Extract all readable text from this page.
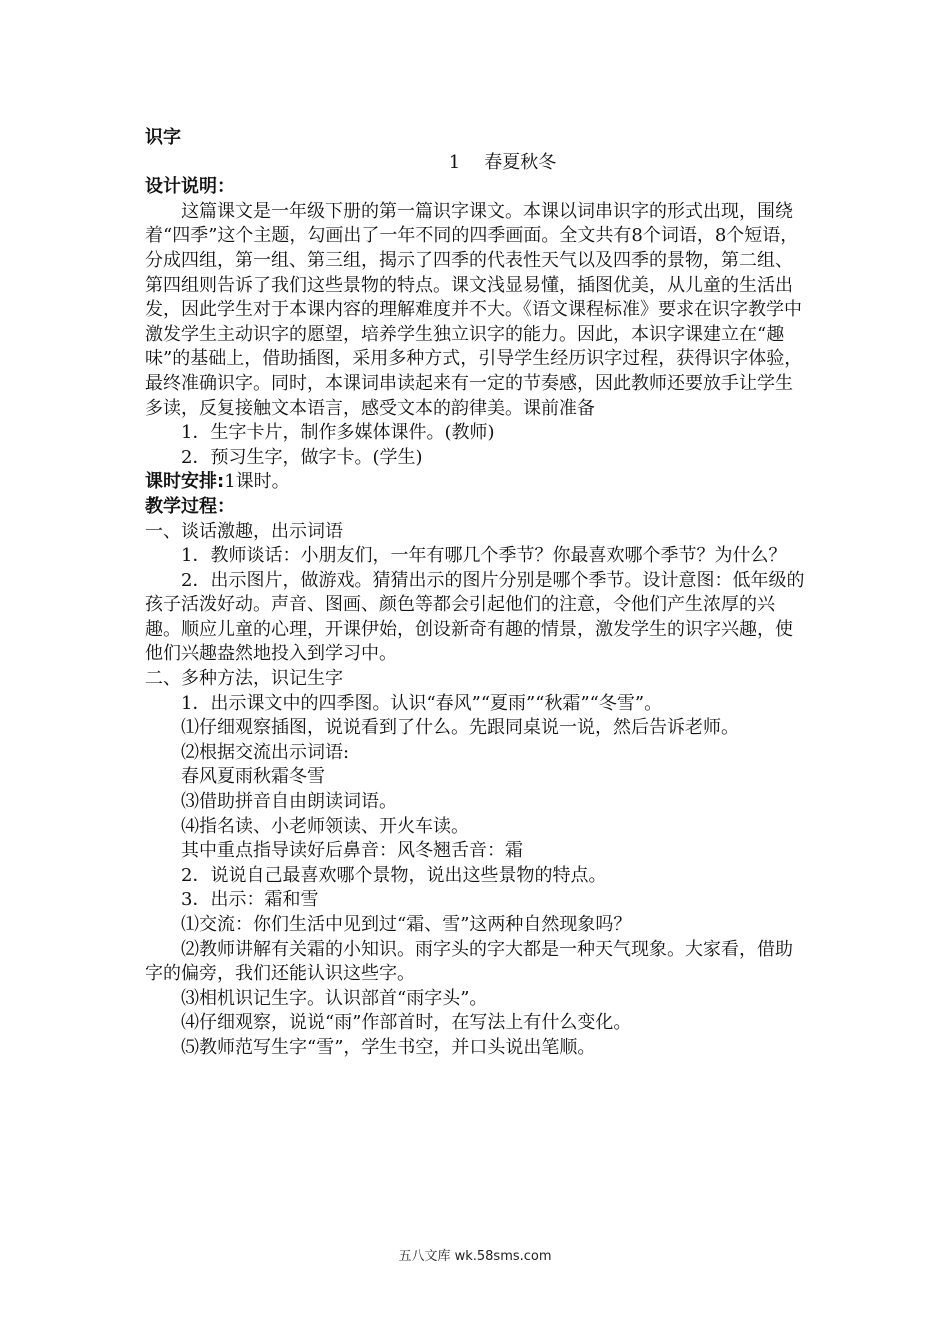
识字

1 春夏秋冬

设计说明：

这篇课文是一年级下册的第一篇识字课文。本课以词串识字的形式出现，围绕着“四季”这个主题，勾画出了一年不同的四季画面。全文共有8个词语，8个短语，分成四组，第一组、第三组，揭示了四季的代表性天气以及四季的景物，第二组、第四组则告诉了我们这些景物的特点。课文浅显易懂，插图优美，从儿童的生活出发，因此学生对于本课内容的理解难度并不大。《语文课程标准》要求在识字教学中激发学生主动识字的愿望，培养学生独立识字的能力。因此，本识字课建立在“趣味”的基础上，借助插图，采用多种方式，引导学生经历识字过程，获得识字体验，最终准确识字。同时，本课词串读起来有一定的节奏感，因此教师还要放手让学生多读，反复接触文本语言，感受文本的韵律美。课前准备

1．生字卡片，制作多媒体课件。(教师)

2．预习生字，做字卡。(学生)

课时安排:1课时。

教学过程：

一、谈话激趣，出示词语

1．教师谈话：小朋友们，一年有哪几个季节？你最喜欢哪个季节？为什么？

2．出示图片，做游戏。猜猜出示的图片分别是哪个季节。设计意图：低年级的孩子活泼好动。声音、图画、颜色等都会引起他们的注意，令他们产生浓厚的兴趣。顺应儿童的心理，开课伊始，创设新奇有趣的情景，激发学生的识字兴趣，使他们兴趣盎然地投入到学习中。

二、多种方法，识记生字

1．出示课文中的四季图。认识“春风”“夏雨”“秋霜”“冬雪”。

⑴仔细观察插图，说说看到了什么。先跟同桌说一说，然后告诉老师。

⑵根据交流出示词语:

春风夏雨秋霜冬雪

⑶借助拼音自由朗读词语。

⑷指名读、小老师领读、开火车读。

其中重点指导读好后鼻音：风冬翘舌音：霜

2．说说自己最喜欢哪个景物，说出这些景物的特点。

3．出示：霜和雪

⑴交流：你们生活中见到过“霜、雪”这两种自然现象吗？

⑵教师讲解有关霜的小知识。雨字头的字大都是一种天气现象。大家看，借助字的偏旁，我们还能认识这些字。

⑶相机识记生字。认识部首“雨字头”。

⑷仔细观察，说说“雨”作部首时，在写法上有什么变化。

⑸教师范写生字“雪”，学生书空，并口头说出笔顺。

五八文库 wk.58sms.com
